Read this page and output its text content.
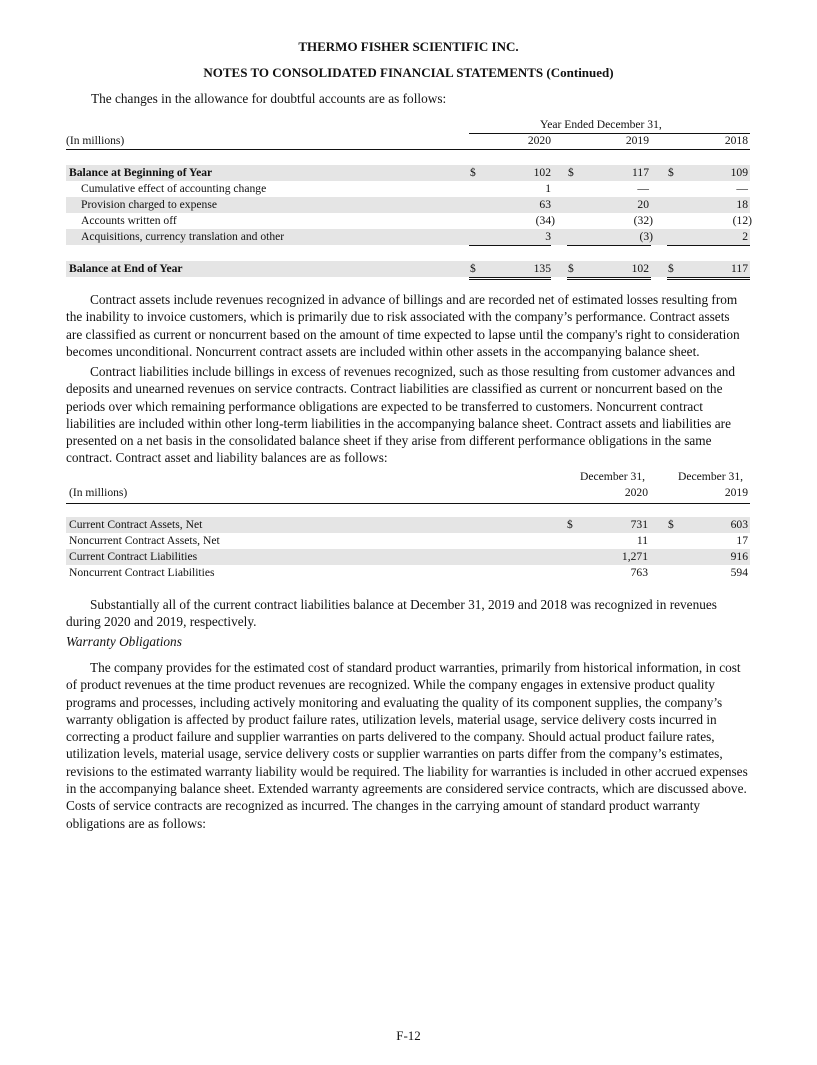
THERMO FISHER SCIENTIFIC INC.
NOTES TO CONSOLIDATED FINANCIAL STATEMENTS (Continued)
The changes in the allowance for doubtful accounts are as follows:
Year Ended December 31,
(In millions)	2020	2019	2018
Balance at Beginning of Year	$	102 $	117 $	109
Cumulative effect of accounting change	1	—	—
Provision charged to expense	63	20	18
Accounts written off	(34)	(32)	(12)
Acquisitions, currency translation and other	3	(3)	2
Balance at End of Year	$	135 $	102 $	117

Contract assets include revenues recognized in advance of billings and are recorded net of estimated losses resulting from the inability to invoice customers, which is primarily due to risk associated with the company’s performance. Contract assets are classified as current or noncurrent based on the amount of time expected to lapse until the company's right to consideration becomes unconditional. Noncurrent contract assets are included within other assets in the accompanying balance sheet.

Contract liabilities include billings in excess of revenues recognized, such as those resulting from customer advances and deposits and unearned revenues on service contracts. Contract liabilities are classified as current or noncurrent based on the periods over which remaining performance obligations are expected to be transferred to customers. Noncurrent contract liabilities are included within other long-term liabilities in the accompanying balance sheet. Contract assets and liabilities are presented on a net basis in the consolidated balance sheet if they arise from different performance obligations in the same contract. Contract asset and liability balances are as follows:

December 31,	December 31,
(In millions)	2020	2019
Current Contract Assets, Net	$	731 $	603
Noncurrent Contract Assets, Net	11	17
Current Contract Liabilities	1,271	916
Noncurrent Contract Liabilities	763	594

Substantially all of the current contract liabilities balance at December 31, 2019 and 2018 was recognized in revenues during 2020 and 2019, respectively.

Warranty Obligations

The company provides for the estimated cost of standard product warranties, primarily from historical information, in cost of product revenues at the time product revenues are recognized. While the company engages in extensive product quality programs and processes, including actively monitoring and evaluating the quality of its component supplies, the company’s warranty obligation is affected by product failure rates, utilization levels, material usage, service delivery costs incurred in correcting a product failure and supplier warranties on parts delivered to the company. Should actual product failure rates, utilization levels, material usage, service delivery costs or supplier warranties on parts differ from the company’s estimates, revisions to the estimated warranty liability would be required. The liability for warranties is included in other accrued expenses in the accompanying balance sheet. Extended warranty agreements are considered service contracts, which are discussed above. Costs of service contracts are recognized as incurred. The changes in the carrying amount of standard product warranty obligations are as follows:

F-12
